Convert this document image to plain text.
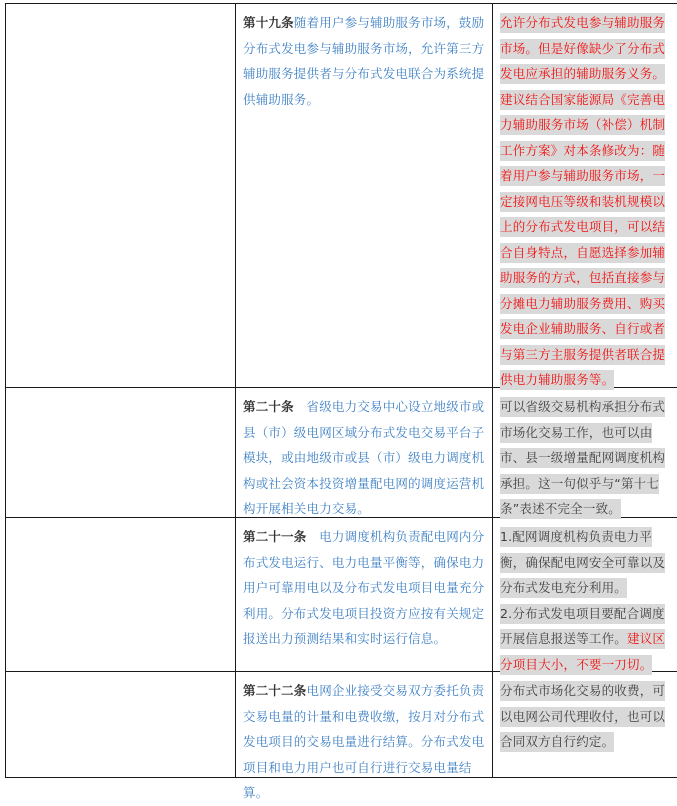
第十九条随着用户参与辅助服务市场，鼓励分布式发电参与辅助服务市场，允许第三方辅助服务提供者与分布式发电联合为系统提供辅助服务。
允许分布式发电参与辅助服务市场。但是好像缺少了分布式发电应承担的辅助服务义务。建议结合国家能源局《完善电力辅助服务市场（补偿）机制工作方案》对本条修改为：随着用户参与辅助服务市场，一定接网电压等级和装机规模以上的分布式发电项目，可以结合自身特点，自愿选择参加辅助服务的方式，包括直接参与分摊电力辅助服务费用、购买发电企业辅助服务、自行或者与第三方主服务提供者联合提供电力辅助服务等。
第二十条　省级电力交易中心设立地级市或县（市）级电网区域分布式发电交易平台子模块，或由地级市或县（市）级电力调度机构或社会资本投资增量配电网的调度运营机构开展相关电力交易。
可以省级交易机构承担分布式市场化交易工作，也可以由市、县一级增量配网调度机构承担。这一句似乎与“第十七条”表述不完全一致。
第二十一条　电力调度机构负责配电网内分布式发电运行、电力电量平衡等，确保电力用户可靠用电以及分布式发电项目电量充分利用。分布式发电项目投资方应按有关规定报送出力预测结果和实时运行信息。
1.配网调度机构负责电力平衡，确保配电网安全可靠以及分布式发电充分利用。
2.分布式发电项目要配合调度开展信息报送等工作。建议区分项目大小，不要一刀切。
第二十二条电网企业接受交易双方委托负责交易电量的计量和电费收缴，按月对分布式发电项目的交易电量进行结算。分布式发电项目和电力用户也可自行进行交易电量结算。
分布式市场化交易的收费，可以电网公司代理收付，也可以合同双方自行约定。
